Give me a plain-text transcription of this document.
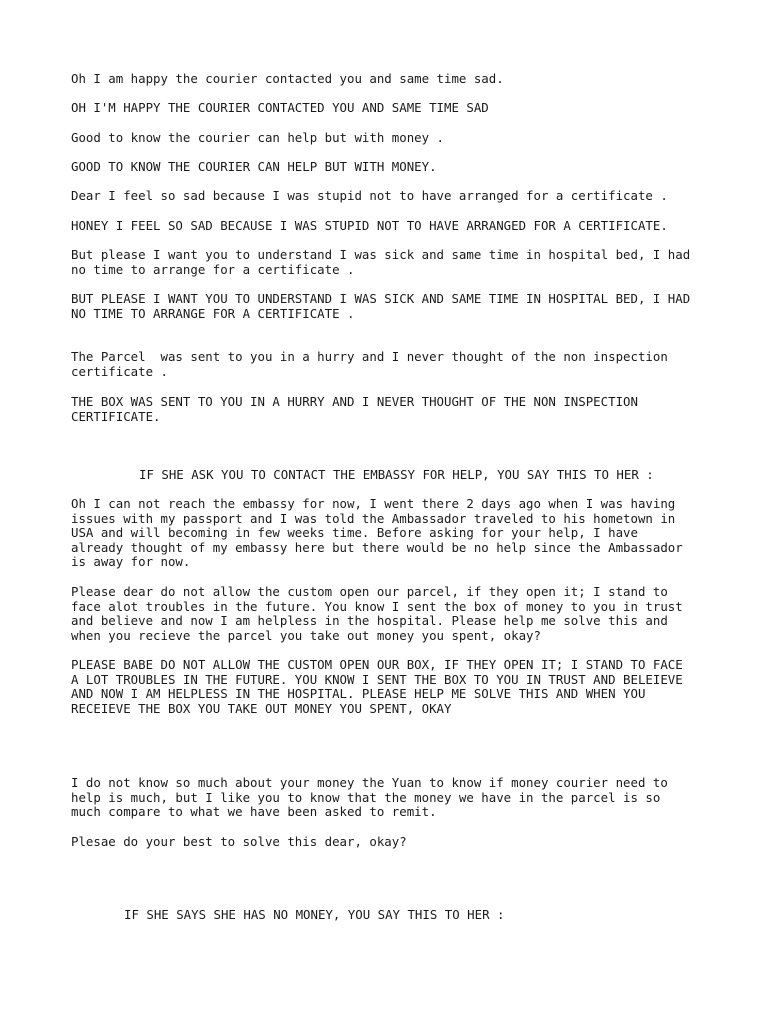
Oh I am happy the courier contacted you and same time sad.

OH I'M HAPPY THE COURIER CONTACTED YOU AND SAME TIME SAD

Good to know the courier can help but with money .

GOOD TO KNOW THE COURIER CAN HELP BUT WITH MONEY.

Dear I feel so sad because I was stupid not to have arranged for a certificate .

HONEY I FEEL SO SAD BECAUSE I WAS STUPID NOT TO HAVE ARRANGED FOR A CERTIFICATE.

But please I want you to understand I was sick and same time in hospital bed, I had
no time to arrange for a certificate .

BUT PLEASE I WANT YOU TO UNDERSTAND I WAS SICK AND SAME TIME IN HOSPITAL BED, I HAD
NO TIME TO ARRANGE FOR A CERTIFICATE .

The Parcel  was sent to you in a hurry and I never thought of the non inspection
certificate .

THE BOX WAS SENT TO YOU IN A HURRY AND I NEVER THOUGHT OF THE NON INSPECTION
CERTIFICATE.

IF SHE ASK YOU TO CONTACT THE EMBASSY FOR HELP, YOU SAY THIS TO HER :

Oh I can not reach the embassy for now, I went there 2 days ago when I was having
issues with my passport and I was told the Ambassador traveled to his hometown in
USA and will becoming in few weeks time. Before asking for your help, I have
already thought of my embassy here but there would be no help since the Ambassador
is away for now.

Please dear do not allow the custom open our parcel, if they open it; I stand to
face alot troubles in the future. You know I sent the box of money to you in trust
and believe and now I am helpless in the hospital. Please help me solve this and
when you recieve the parcel you take out money you spent, okay?

PLEASE BABE DO NOT ALLOW THE CUSTOM OPEN OUR BOX, IF THEY OPEN IT; I STAND TO FACE
A LOT TROUBLES IN THE FUTURE. YOU KNOW I SENT THE BOX TO YOU IN TRUST AND BELEIEVE
AND NOW I AM HELPLESS IN THE HOSPITAL. PLEASE HELP ME SOLVE THIS AND WHEN YOU
RECEIEVE THE BOX YOU TAKE OUT MONEY YOU SPENT, OKAY

I do not know so much about your money the Yuan to know if money courier need to
help is much, but I like you to know that the money we have in the parcel is so
much compare to what we have been asked to remit.

Plesae do your best to solve this dear, okay?

IF SHE SAYS SHE HAS NO MONEY, YOU SAY THIS TO HER :
